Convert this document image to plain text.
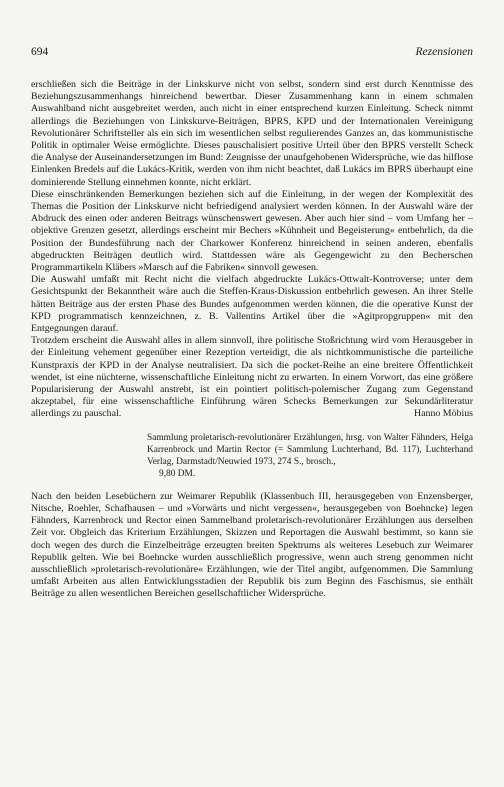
694	Rezensionen

erschließen sich die Beiträge in der Linkskurve nicht von selbst, sondern sind erst durch Kenntnisse des Beziehungszusammenhangs hinreichend bewertbar. Dieser Zusammenhang kann in einem schmalen Auswahlband nicht ausgebreitet werden, auch nicht in einer entsprechend kurzen Einleitung. Scheck nimmt allerdings die Beziehungen von Linkskurve-Beiträgen, BPRS, KPD und der Internationalen Vereinigung Revolutionärer Schriftsteller als ein sich im wesentlichen selbst regulierendes Ganzes an, das kommunistische Politik in optimaler Weise ermöglichte. Dieses pauschalisiert positive Urteil über den BPRS verstellt Scheck die Analyse der Auseinandersetzungen im Bund: Zeugnisse der unaufgehobenen Widersprüche, wie das hilflose Einlenken Bredels auf die Lukács-Kritik, werden von ihm nicht beachtet, daß Lukács im BPRS überhaupt eine dominierende Stellung einnehmen konnte, nicht erklärt.

Diese einschränkenden Bemerkungen beziehen sich auf die Einleitung, in der wegen der Komplexität des Themas die Position der Linkskurve nicht befriedigend analysiert werden können. In der Auswahl wäre der Abdruck des einen oder anderen Beitrags wünschenswert gewesen. Aber auch hier sind – vom Umfang her – objektive Grenzen gesetzt, allerdings erscheint mir Bechers »Kühnheit und Begeisterung« entbehrlich, da die Position der Bundesführung nach der Charkower Konferenz hinreichend in seinen anderen, ebenfalls abgedruckten Beiträgen deutlich wird. Stattdessen wäre als Gegengewicht zu den Becherschen Programmartikeln Kläbers »Marsch auf die Fabriken« sinnvoll gewesen.

Die Auswahl umfaßt mit Recht nicht die vielfach abgedruckte Lukács-Ottwalt-Kontroverse; unter dem Gesichtspunkt der Bekanntheit wäre auch die Steffen-Kraus-Diskussion entbehrlich gewesen. An ihrer Stelle hätten Beiträge aus der ersten Phase des Bundes aufgenommen werden können, die die operative Kunst der KPD programmatisch kennzeichnen, z. B. Vallentins Artikel über die »Agitpropgruppen« mit den Entgegnungen darauf.

Trotzdem erscheint die Auswahl alles in allem sinnvoll, ihre politische Stoßrichtung wird vom Herausgeber in der Einleitung vehement gegenüber einer Rezeption verteidigt, die als nichtkommunistische die parteiliche Kunstpraxis der KPD in der Analyse neutralisiert. Da sich die pocket-Reihe an eine breitere Öffentlichkeit wendet, ist eine nüchterne, wissenschaftliche Einleitung nicht zu erwarten. In einem Vorwort, das eine größere Popularisierung der Auswahl anstrebt, ist ein pointiert politisch-polemischer Zugang zum Gegenstand akzeptabel, für eine wissenschaftliche Einführung wären Schecks Bemerkungen zur Sekundärliteratur allerdings zu pauschal.	Hanno Möbius

Sammlung proletarisch-revolutionärer Erzählungen, hrsg. von Walter Fähnders, Helga Karrenbrock und Martin Rector (= Sammlung Luchterhand, Bd. 117), Luchterhand Verlag, Darmstadt/Neuwied 1973, 274 S., brosch.,
9,80 DM.

Nach den beiden Lesebüchern zur Weimarer Republik (Klassenbuch III, herausgegeben von Enzensberger, Nitsche, Roehler, Schafhausen – und »Vorwärts und nicht vergessen«, herausgegeben von Boehncke) legen Fähnders, Karrenbrock und Rector einen Sammelband proletarisch-revolutionärer Erzählungen aus derselben Zeit vor. Obgleich das Kriterium Erzählungen, Skizzen und Reportagen die Auswahl bestimmt, so kann sie doch wegen des durch die Einzelbeiträge erzeugten breiten Spektrums als weiteres Lesebuch zur Weimarer Republik gelten. Wie bei Boehncke wurden ausschließlich progressive, wenn auch streng genommen nicht ausschließlich »proletarisch-revolutionäre« Erzählungen, wie der Titel angibt, aufgenommen. Die Sammlung umfaßt Arbeiten aus allen Entwicklungsstadien der Republik bis zum Beginn des Faschismus, sie enthält Beiträge zu allen wesentlichen Bereichen gesellschaftlicher Widersprüche.
